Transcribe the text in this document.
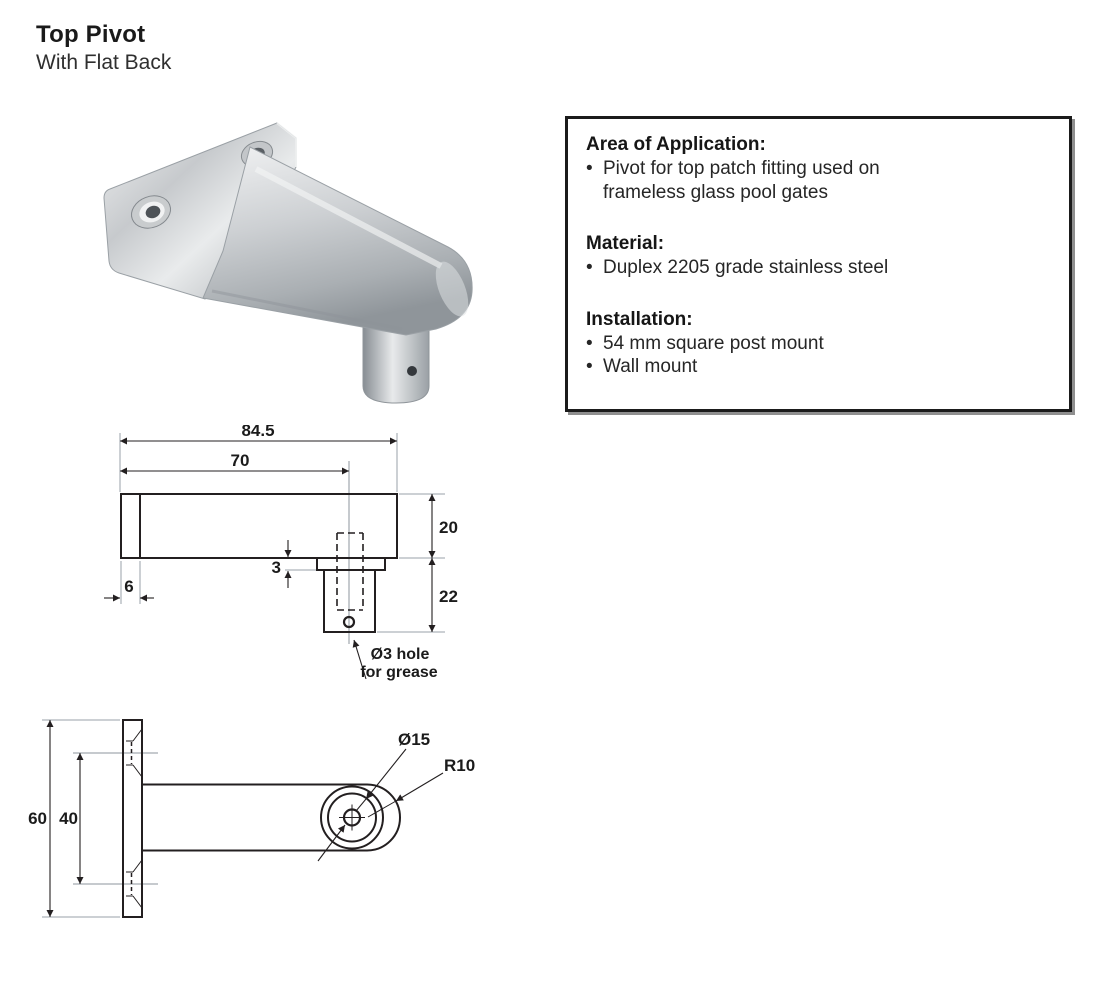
Top Pivot
With Flat Back
Area of Application:
• Pivot for top patch fitting used on frameless glass pool gates
Material:
• Duplex 2205 grade stainless steel
Installation:
• 54 mm square post mount
• Wall mount
84.5
70
20
22
3
6
Ø3 hole
for grease
60 40
Ø15
R10
